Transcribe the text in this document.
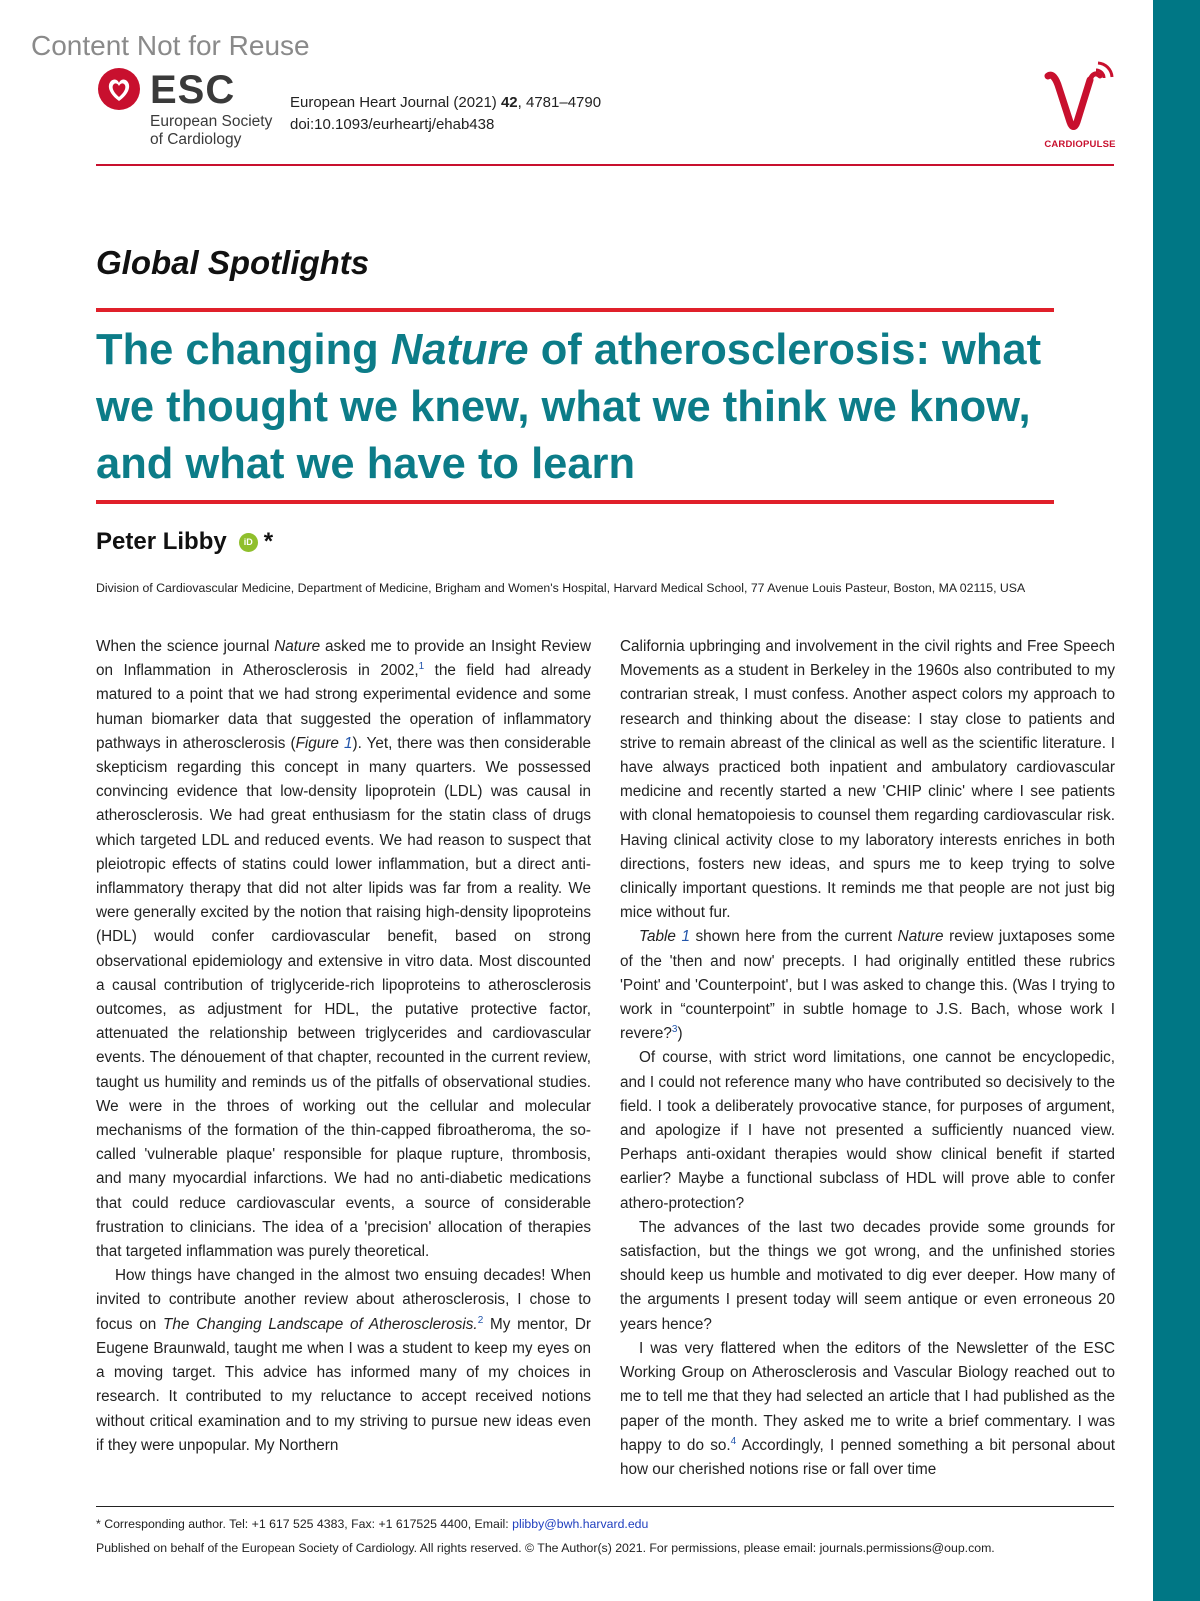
Content Not for Reuse
ESC
European Society
of Cardiology
European Heart Journal (2021) 42, 4781–4790
doi:10.1093/eurheartj/ehab438
CARDIOPULSE
Global Spotlights
The changing Nature of atherosclerosis: what we thought we knew, what we think we know, and what we have to learn
Peter Libby	iD *
Division of Cardiovascular Medicine, Department of Medicine, Brigham and Women's Hospital, Harvard Medical School, 77 Avenue Louis Pasteur, Boston, MA 02115, USA

When the science journal Nature asked me to provide an Insight Review on Inflammation in Atherosclerosis in 2002,$^1$ the field had already matured to a point that we had strong experimental evidence and some human biomarker data that suggested the operation of inflammatory pathways in atherosclerosis (Figure 1). Yet, there was then considerable skepticism regarding this concept in many quarters. We possessed convincing evidence that low-density lipoprotein (LDL) was causal in atherosclerosis. We had great enthusiasm for the statin class of drugs which targeted LDL and reduced events. We had reason to suspect that pleiotropic effects of statins could lower inflammation, but a direct anti-inflammatory therapy that did not alter lipids was far from a reality. We were generally excited by the notion that raising high-density lipoproteins (HDL) would confer cardiovascular benefit, based on strong observational epidemiology and extensive in vitro data. Most discounted a causal contribution of triglyceride-rich lipoproteins to atherosclerosis outcomes, as adjustment for HDL, the putative protective factor, attenuated the relationship between triglycerides and cardiovascular events. The dénouement of that chapter, recounted in the current review, taught us humility and reminds us of the pitfalls of observational studies. We were in the throes of working out the cellular and molecular mechanisms of the formation of the thin-capped fibroatheroma, the so-called 'vulnerable plaque' responsible for plaque rupture, thrombosis, and many myocardial infarctions. We had no anti-diabetic medications that could reduce cardiovascular events, a source of considerable frustration to clinicians. The idea of a 'precision' allocation of therapies that targeted inflammation was purely theoretical.

How things have changed in the almost two ensuing decades! When invited to contribute another review about atherosclerosis, I chose to focus on The Changing Landscape of Atherosclerosis.$^2$ My mentor, Dr Eugene Braunwald, taught me when I was a student to keep my eyes on a moving target. This advice has informed many of my choices in research. It contributed to my reluctance to accept received notions without critical examination and to my striving to pursue new ideas even if they were unpopular. My Northern

California upbringing and involvement in the civil rights and Free Speech Movements as a student in Berkeley in the 1960s also contributed to my contrarian streak, I must confess. Another aspect colors my approach to research and thinking about the disease: I stay close to patients and strive to remain abreast of the clinical as well as the scientific literature. I have always practiced both inpatient and ambulatory cardiovascular medicine and recently started a new 'CHIP clinic' where I see patients with clonal hematopoiesis to counsel them regarding cardiovascular risk. Having clinical activity close to my laboratory interests enriches in both directions, fosters new ideas, and spurs me to keep trying to solve clinically important questions. It reminds me that people are not just big mice without fur.

Table 1 shown here from the current Nature review juxtaposes some of the 'then and now' precepts. I had originally entitled these rubrics 'Point' and 'Counterpoint', but I was asked to change this. (Was I trying to work in “counterpoint” in subtle homage to J.S. Bach, whose work I revere?$^3$)

Of course, with strict word limitations, one cannot be encyclopedic, and I could not reference many who have contributed so decisively to the field. I took a deliberately provocative stance, for purposes of argument, and apologize if I have not presented a sufficiently nuanced view. Perhaps anti-oxidant therapies would show clinical benefit if started earlier? Maybe a functional subclass of HDL will prove able to confer athero-protection?

The advances of the last two decades provide some grounds for satisfaction, but the things we got wrong, and the unfinished stories should keep us humble and motivated to dig ever deeper. How many of the arguments I present today will seem antique or even erroneous 20 years hence?

I was very flattered when the editors of the Newsletter of the ESC Working Group on Atherosclerosis and Vascular Biology reached out to me to tell me that they had selected an article that I had published as the paper of the month. They asked me to write a brief commentary. I was happy to do so.$^4$ Accordingly, I penned something a bit personal about how our cherished notions rise or fall over time

* Corresponding author. Tel: +1 617 525 4383, Fax: +1 617525 4400, Email: plibby@bwh.harvard.edu
Published on behalf of the European Society of Cardiology. All rights reserved. © The Author(s) 2021. For permissions, please email: journals.permissions@oup.com.
